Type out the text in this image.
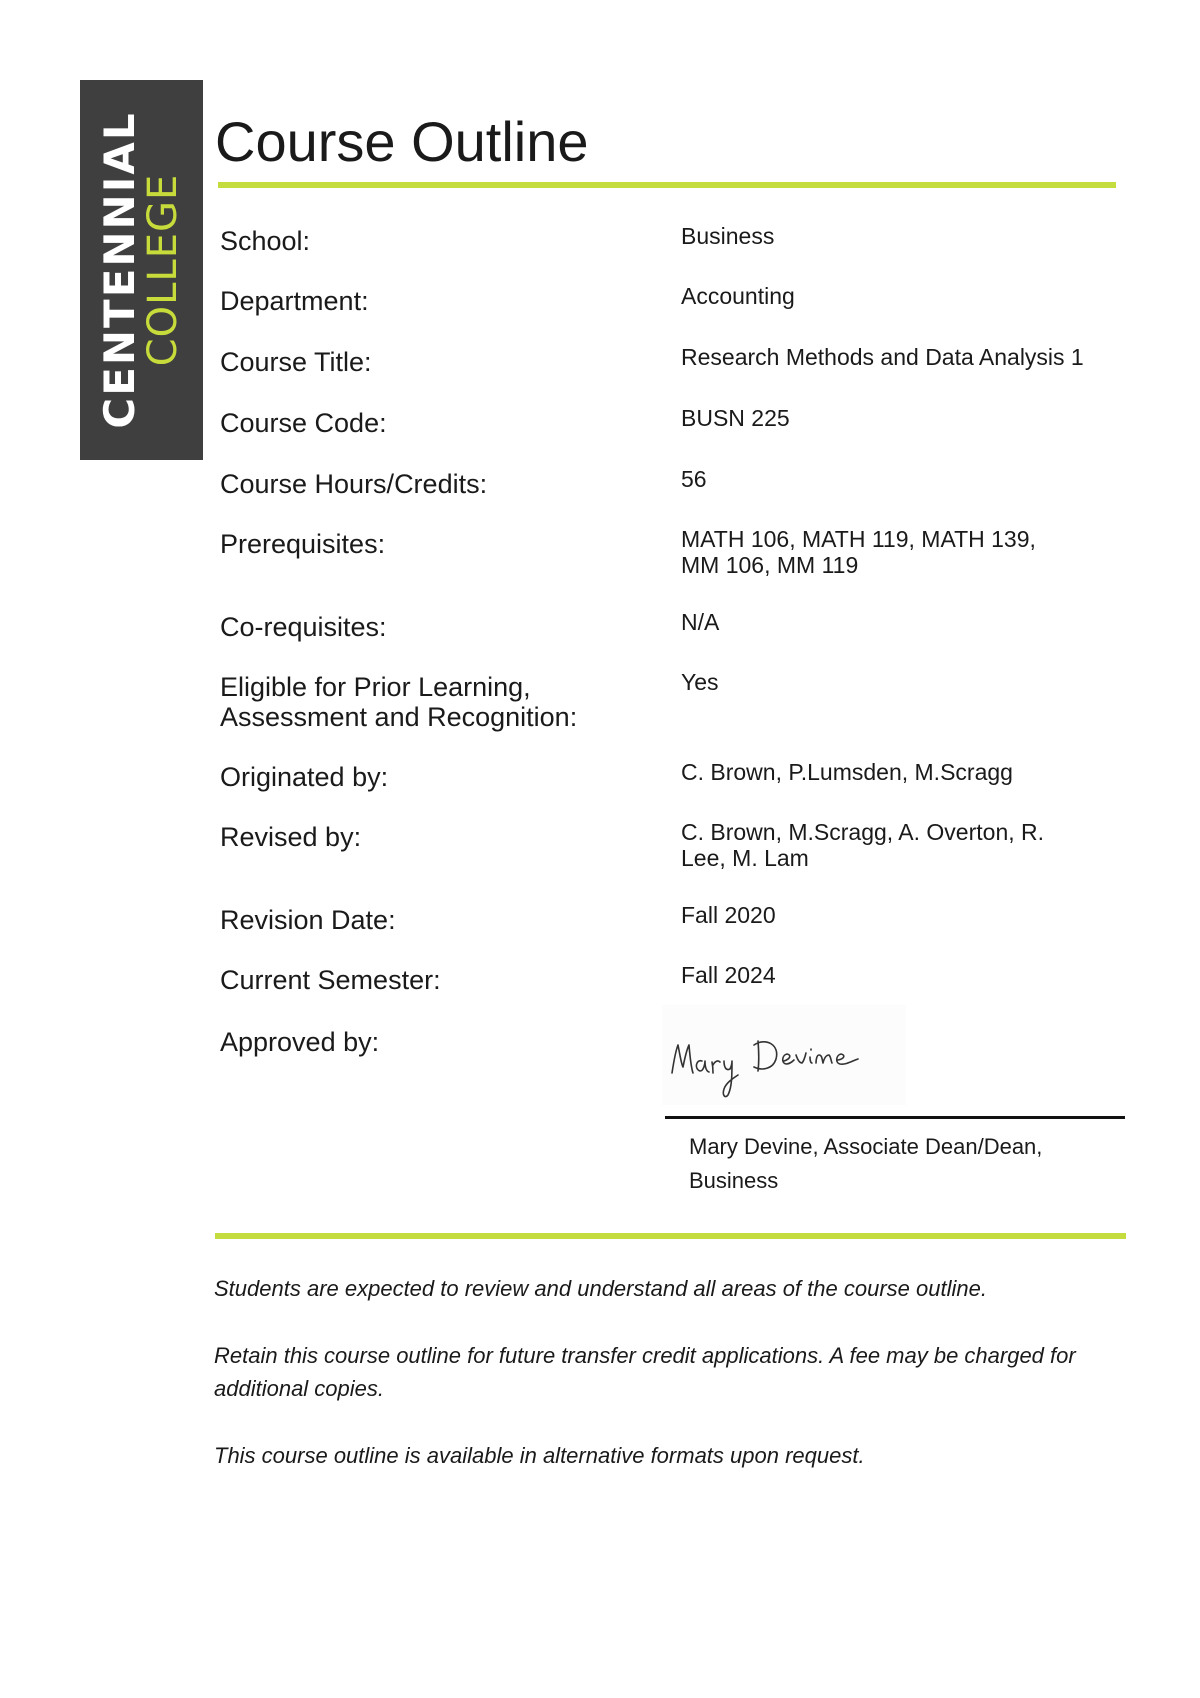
CENTENNIAL
COLLEGE
Course Outline
School:	Business
Department:	Accounting
Course Title:	Research Methods and Data Analysis 1
Course Code:	BUSN 225
Course Hours/Credits:	56
Prerequisites:	MATH 106, MATH 119, MATH 139,
MM 106, MM 119
Co-requisites:	N/A
Eligible for Prior Learning,
Assessment and Recognition:
Yes
Originated by:	C. Brown, P.Lumsden, M.Scragg
Revised by:	C. Brown, M.Scragg, A. Overton, R.
Lee, M. Lam
Revision Date:	Fall 2020
Current Semester:	Fall 2024
Approved by:
Mary Devine, Associate Dean/Dean,
Business

Students are expected to review and understand all areas of the course outline.

Retain this course outline for future transfer credit applications. A fee may be charged for additional copies.

This course outline is available in alternative formats upon request.
